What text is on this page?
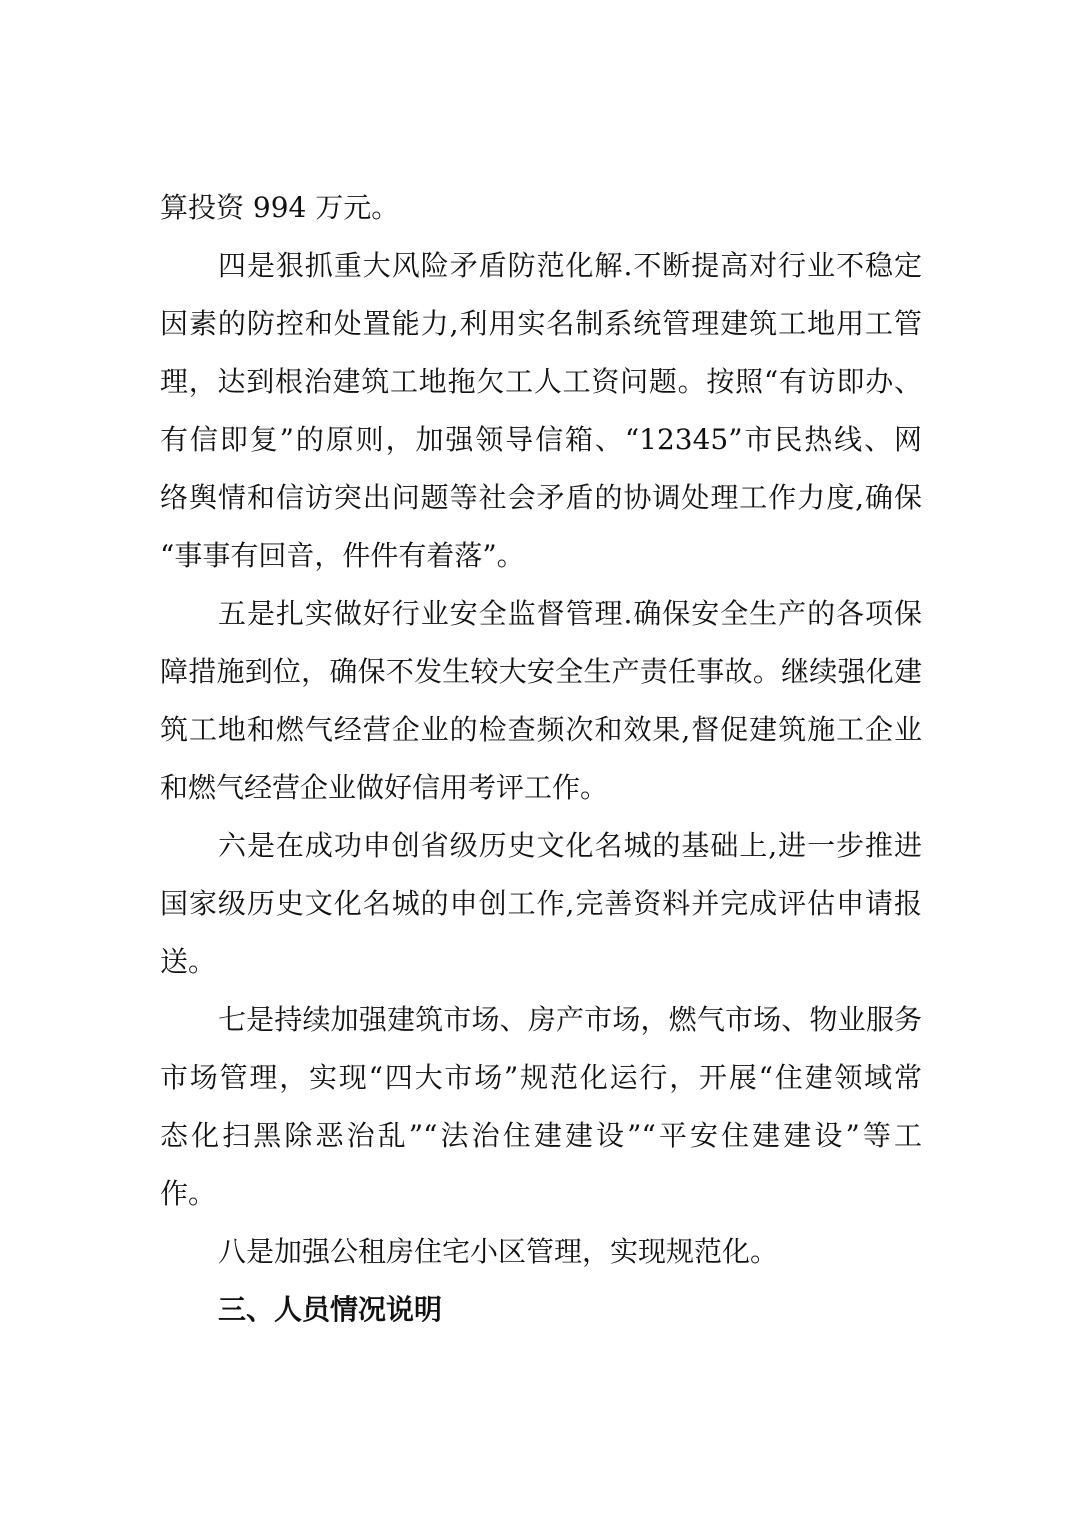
算投资 994 万元。
四是狠抓重大风险矛盾防范化解.不断提高对行业不稳定
因素的防控和处置能力,利用实名制系统管理建筑工地用工管
理，达到根治建筑工地拖欠工人工资问题。按照“有访即办、
有信即复”的原则，加强领导信箱、“12345”市民热线、网
络舆情和信访突出问题等社会矛盾的协调处理工作力度,确保
“事事有回音，件件有着落”。
五是扎实做好行业安全监督管理.确保安全生产的各项保
障措施到位，确保不发生较大安全生产责任事故。继续强化建
筑工地和燃气经营企业的检查频次和效果,督促建筑施工企业
和燃气经营企业做好信用考评工作。
六是在成功申创省级历史文化名城的基础上,进一步推进
国家级历史文化名城的申创工作,完善资料并完成评估申请报
送。
七是持续加强建筑市场、房产市场，燃气市场、物业服务
市场管理，实现“四大市场”规范化运行，开展“住建领域常
态化扫黑除恶治乱”“法治住建建设”“平安住建建设”等工
作。
八是加强公租房住宅小区管理，实现规范化。
三、人员情况说明
